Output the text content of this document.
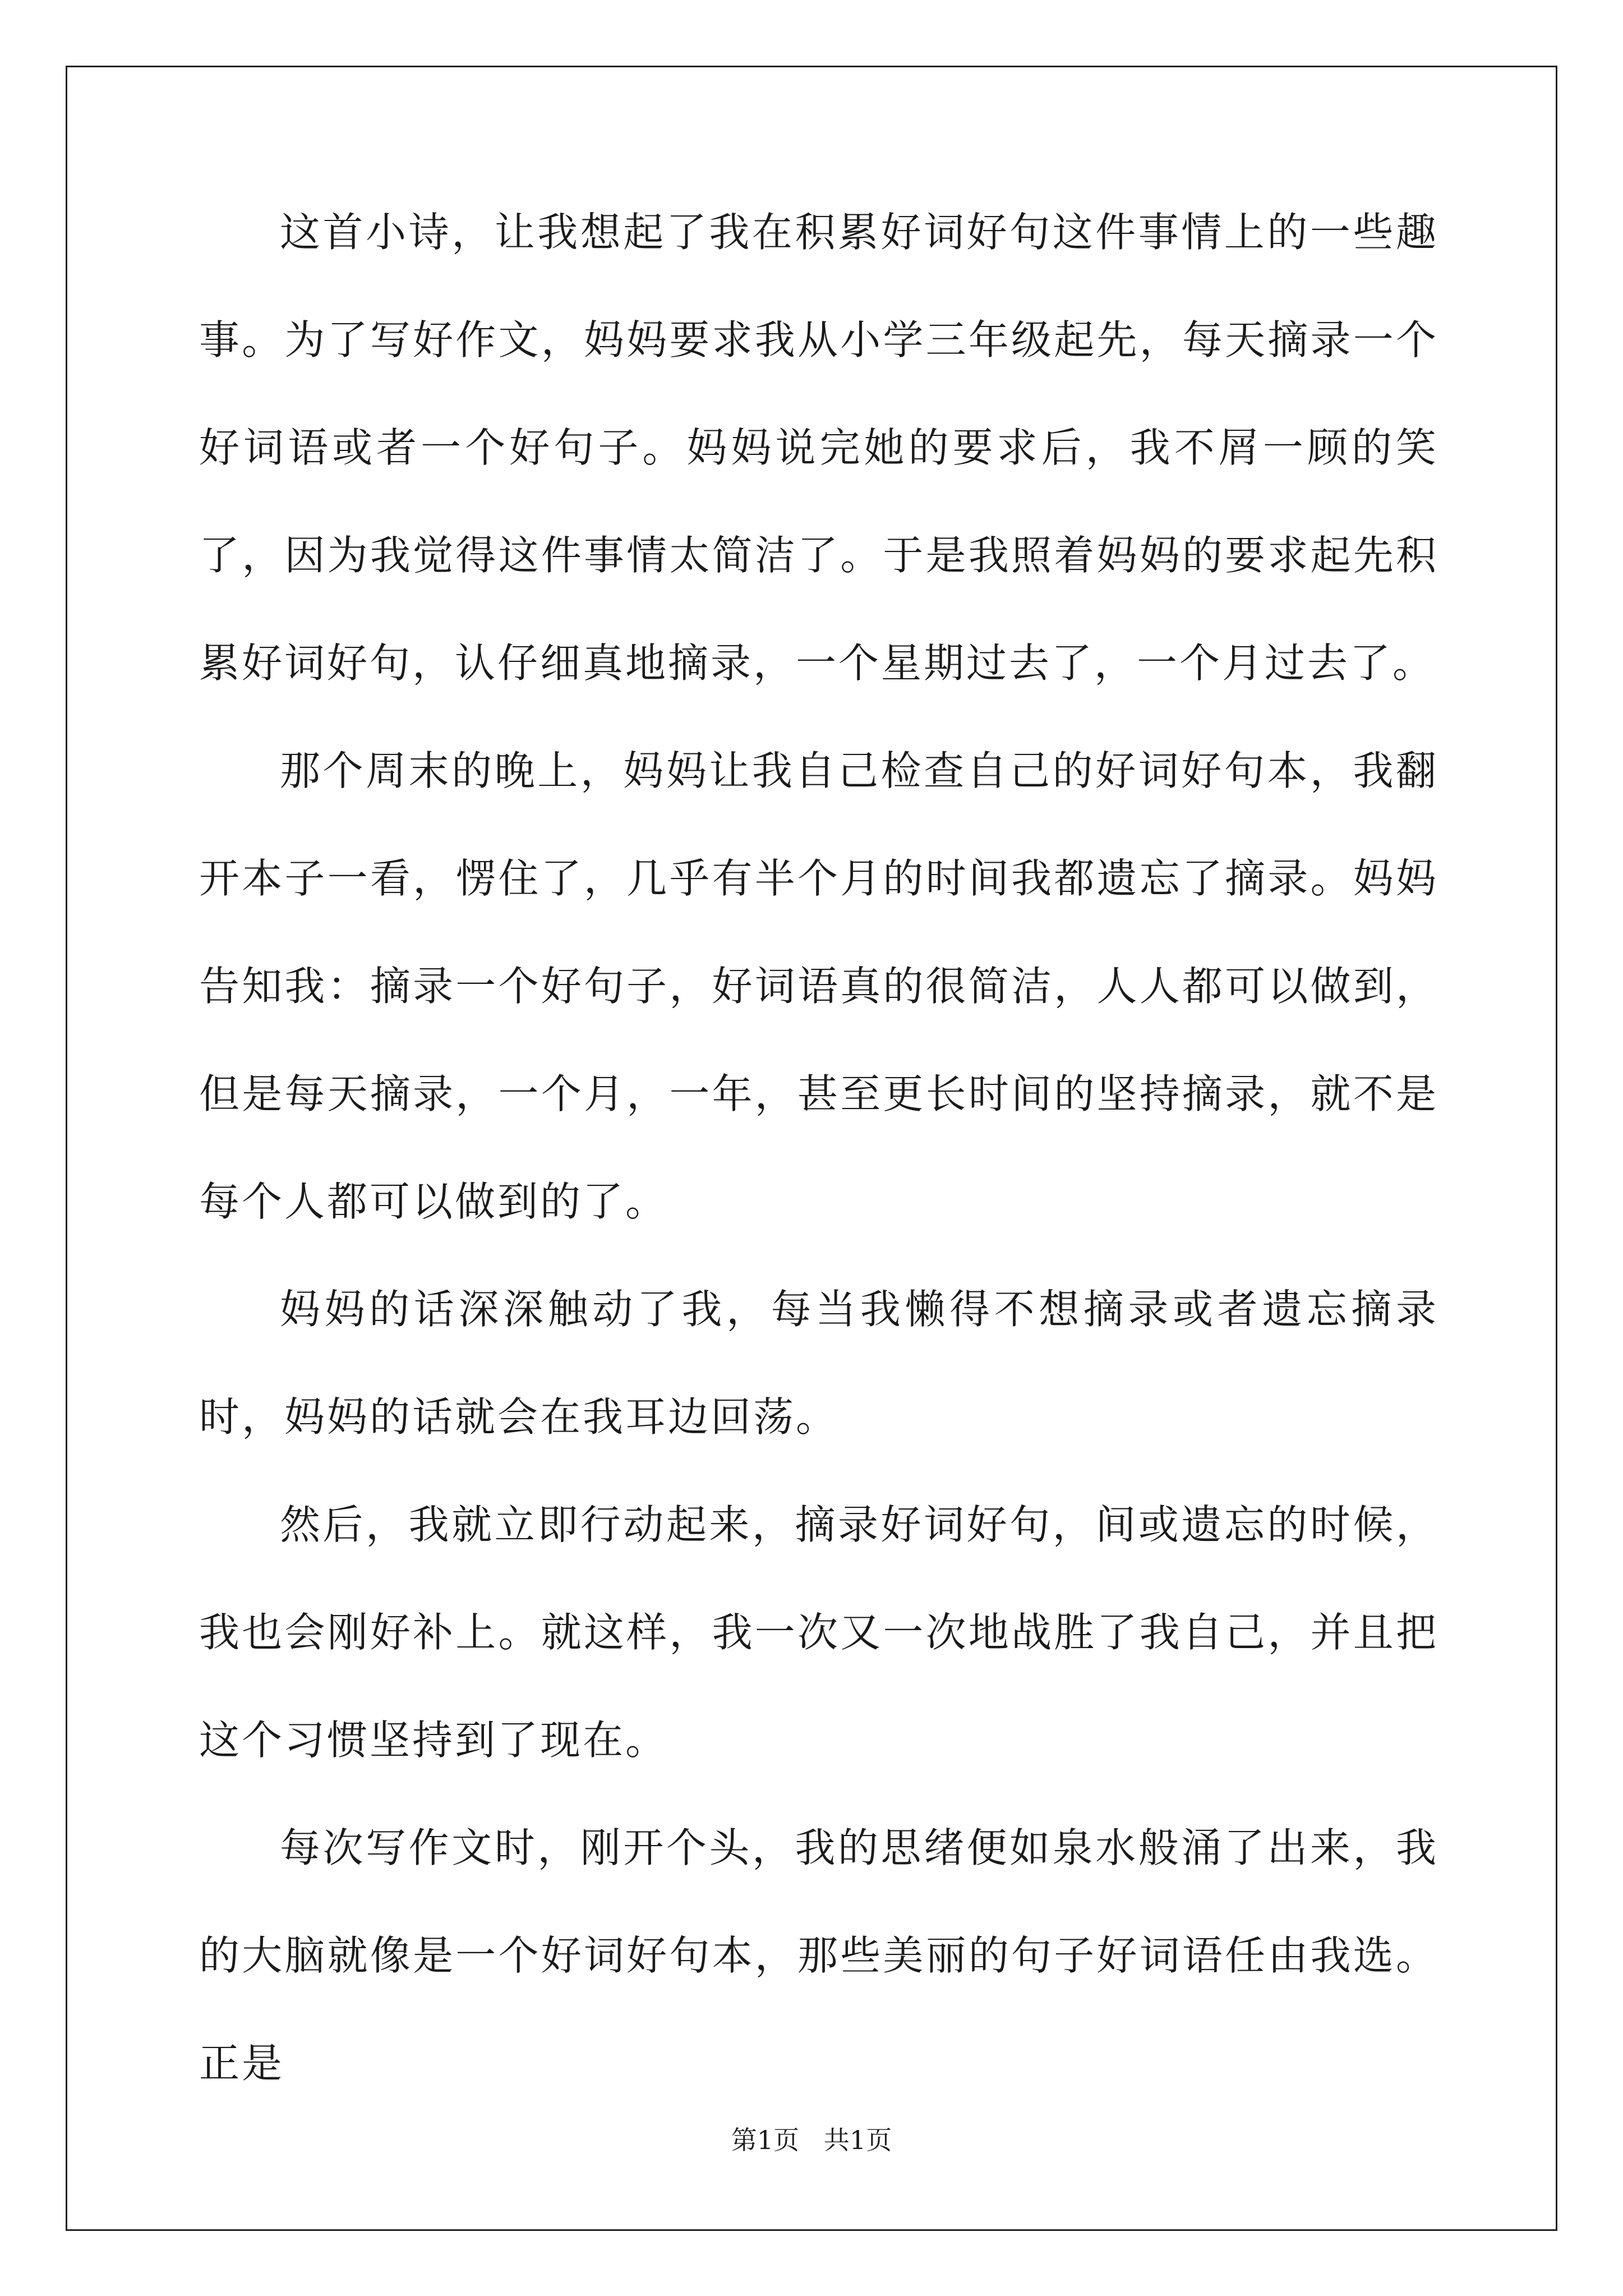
这首小诗，让我想起了我在积累好词好句这件事情上的一些趣事。为了写好作文，妈妈要求我从小学三年级起先，每天摘录一个好词语或者一个好句子。妈妈说完她的要求后，我不屑一顾的笑了，因为我觉得这件事情太简洁了。于是我照着妈妈的要求起先积累好词好句，认仔细真地摘录，一个星期过去了，一个月过去了。

那个周末的晚上，妈妈让我自己检查自己的好词好句本，我翻开本子一看，愣住了，几乎有半个月的时间我都遗忘了摘录。妈妈告知我：摘录一个好句子，好词语真的很简洁，人人都可以做到，但是每天摘录，一个月，一年，甚至更长时间的坚持摘录，就不是每个人都可以做到的了。

妈妈的话深深触动了我，每当我懒得不想摘录或者遗忘摘录时，妈妈的话就会在我耳边回荡。

然后，我就立即行动起来，摘录好词好句，间或遗忘的时候，我也会刚好补上。就这样，我一次又一次地战胜了我自己，并且把这个习惯坚持到了现在。

每次写作文时，刚开个头，我的思绪便如泉水般涌了出来，我的大脑就像是一个好词好句本，那些美丽的句子好词语任由我选。正是

第1页   共1页
